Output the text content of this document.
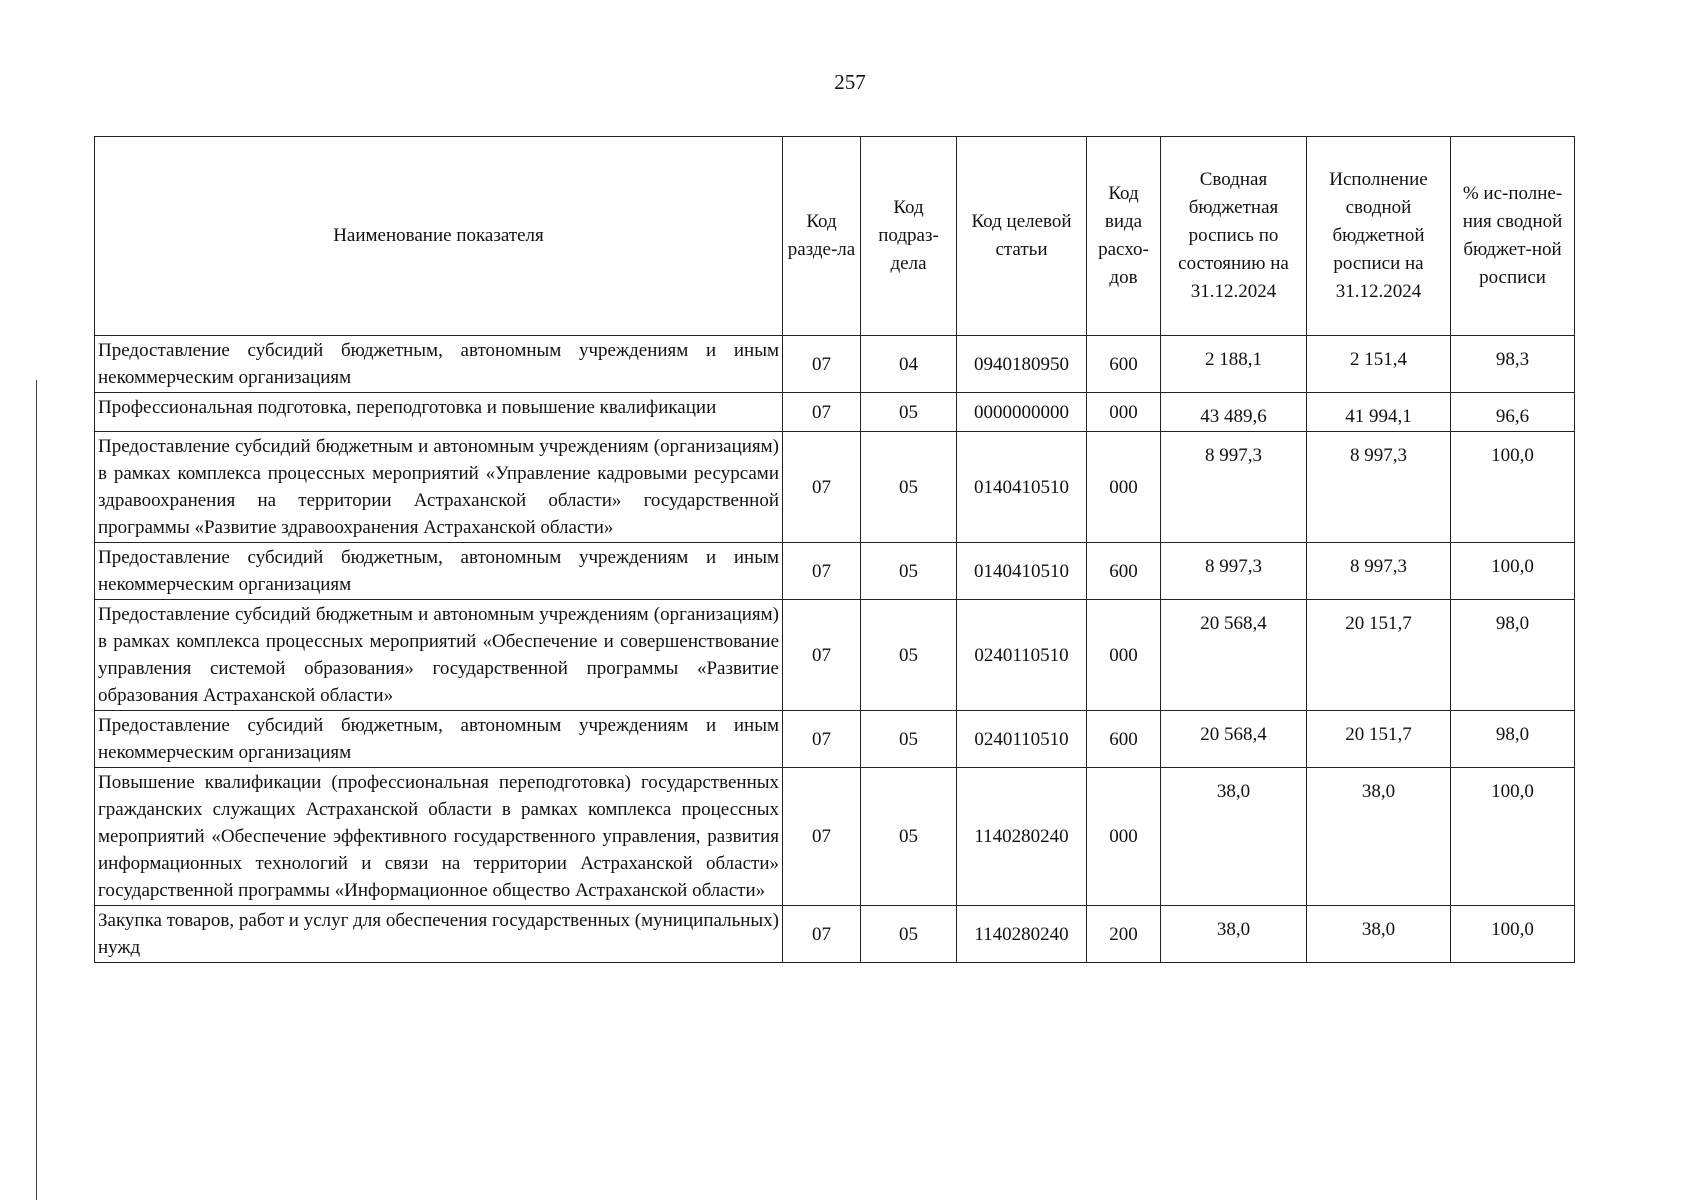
257
Наименование показателя	Код разде-ла	Код подраз-дела	Код целевой статьи	Код вида расхо-дов	Сводная бюджетная роспись по состоянию на 31.12.2024	Исполнение сводной бюджетной росписи на 31.12.2024	% ис-полне-ния сводной бюджет-ной росписи
Предоставление субсидий бюджетным, автономным учреждениям и иным некоммерческим организациям	07	04	0940180950	600	2 188,1	2 151,4	98,3
Профессиональная подготовка, переподготовка и повышение квалификации	07	05	0000000000	000	43 489,6	41 994,1	96,6
Предоставление субсидий бюджетным и автономным учреждениям (организациям) в рамках комплекса процессных мероприятий «Управление кадровыми ресурсами здравоохранения на территории Астраханской области» государственной программы «Развитие здравоохранения Астраханской области»	07	05	0140410510	000	8 997,3	8 997,3	100,0
Предоставление субсидий бюджетным, автономным учреждениям и иным некоммерческим организациям	07	05	0140410510	600	8 997,3	8 997,3	100,0
Предоставление субсидий бюджетным и автономным учреждениям (организациям) в рамках комплекса процессных мероприятий «Обеспечение и совершенствование управления системой образования» государственной программы «Развитие образования Астраханской области»	07	05	0240110510	000	20 568,4	20 151,7	98,0
Предоставление субсидий бюджетным, автономным учреждениям и иным некоммерческим организациям	07	05	0240110510	600	20 568,4	20 151,7	98,0
Повышение квалификации (профессиональная переподготовка) государственных гражданских служащих Астраханской области в рамках комплекса процессных мероприятий «Обеспечение эффективного государственного управления, развития информационных технологий и связи на территории Астраханской области» государственной программы «Информационное общество Астраханской области»	07	05	1140280240	000	38,0	38,0	100,0
Закупка товаров, работ и услуг для обеспечения государственных (муниципальных) нужд	07	05	1140280240	200	38,0	38,0	100,0
